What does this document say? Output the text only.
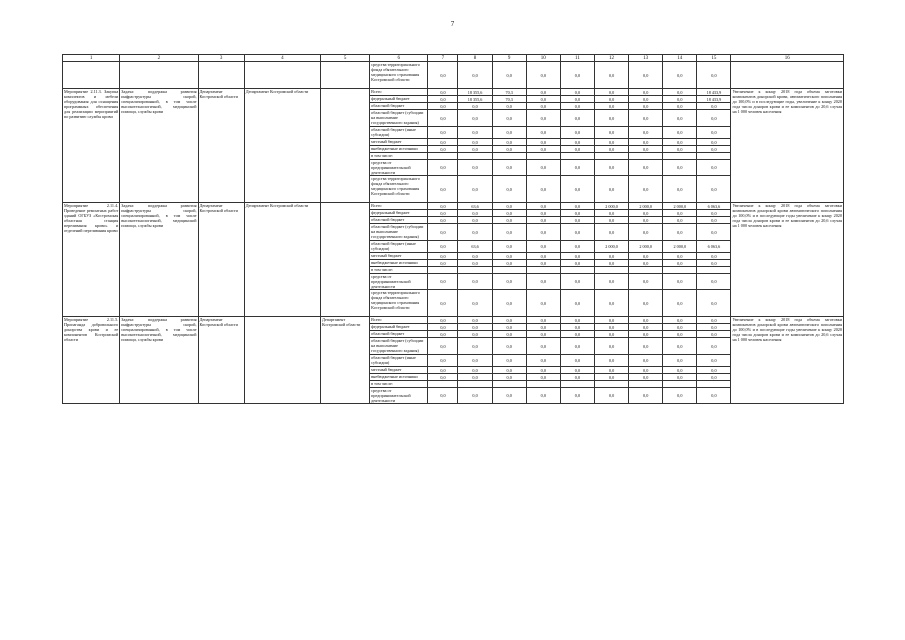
7
1	2	3	4	5	6	7	8	9	10	11	12	13	14	15	16
					средства территориального фонда обязательного медицинского страхования Костромской области	0,0	0,0	0,0	0,0	0,0	0,0	0,0	0,0	0,0	
Мероприятие 2.11.3. Закупка комплектов и мебели оборудования для оснащения программных обеспечения для реализации мероприятий по развитию службы крови	Задача: поддержка развития инфраструктуры скорой, специализированной, в том числе высокотехнологичной, медицинской помощи, службы крови	Департамент Костромской области	Департамент Костромской области		Всего	0,0	18 355,6	70,3	0,0	0,0	0,0	0,0	0,0	18 433,9	Увеличение к концу 2018 года объема заготовки компонентов донорской крови, автоматического пополнения до 100,0% и в последующие годы, увеличение к концу 2020 года числа доноров крови и ее компонентов до 20,6 случая на 1 000 человек населения
					федеральный бюджет	0,0	18 355,6	70,3	0,0	0,0	0,0	0,0	0,0	18 433,9	
					областной бюджет	0,0	0,0	0,0	0,0	0,0	0,0	0,0	0,0	0,0	
					областной бюджет (субсидии на выполнение государственного задания)	0,0	0,0	0,0	0,0	0,0	0,0	0,0	0,0	0,0	
					областной бюджет (иные субсидии)	0,0	0,0	0,0	0,0	0,0	0,0	0,0	0,0	0,0	
					местный бюджет	0,0	0,0	0,0	0,0	0,0	0,0	0,0	0,0	0,0	
					внебюджетные источники	0,0	0,0	0,0	0,0	0,0	0,0	0,0	0,0	0,0	
					в том числе:										
					средства от предпринимательской деятельности	0,0	0,0	0,0	0,0	0,0	0,0	0,0	0,0	0,0	
					средства территориального фонда обязательного медицинского страхования Костромской области	0,0	0,0	0,0	0,0	0,0	0,0	0,0	0,0	0,0	
Мероприятие 2.11.4. Проведение ремонтных работ зданий ОГБУЗ «Костромская областная станция переливания крови» и отделений переливания крови	Задача: поддержка развития инфраструктуры скорой, специализированной, в том числе высокотехнологичной, медицинской помощи, службы крови	Департамент Костромской области	Департамент Костромской области		Всего	0,0	63,6	0,0	0,0	0,0	2 000,0	2 000,0	2 000,0	6 063,6	Увеличение к концу 2018 года объема заготовки компонентов донорской крови автоматического пополнения до 100,0% и в последующие годы увеличение к концу 2020 года числа доноров крови и ее компонентов до 20,6 случая на 1 000 человек населения
					федеральный бюджет	0,0	0,0	0,0	0,0	0,0	0,0	0,0	0,0	0,0	
					областной бюджет	0,0	0,0	0,0	0,0	0,0	0,0	0,0	0,0	0,0	
					областной бюджет (субсидии на выполнение государственного задания)	0,0	0,0	0,0	0,0	0,0	0,0	0,0	0,0	0,0	
					областной бюджет (иные субсидии)	0,0	63,6	0,0	0,0	0,0	2 000,0	2 000,0	2 000,0	6 063,6	
					местный бюджет	0,0	0,0	0,0	0,0	0,0	0,0	0,0	0,0	0,0	
					внебюджетные источники	0,0	0,0	0,0	0,0	0,0	0,0	0,0	0,0	0,0	
					в том числе:										
					средства от предпринимательской деятельности	0,0	0,0	0,0	0,0	0,0	0,0	0,0	0,0	0,0	
					средства территориального фонда обязательного медицинского страхования Костромской области	0,0	0,0	0,0	0,0	0,0	0,0	0,0	0,0	0,0	
Мероприятие 2.11.5. Пропаганда добровольного донорства крови и ее компонентов Костромской области	Задача: поддержка развития инфраструктуры скорой, специализированной, в том числе высокотехнологичной, медицинской помощи, службы крови	Департамент Костромской области		Департамент Костромской области	Всего	0,0	0,0	0,0	0,0	0,0	0,0	0,0	0,0	0,0	Увеличение к концу 2018 года объема заготовки компонентов донорской крови автоматического пополнения до 100,0% и в последующие годы увеличение к концу 2020 года числа доноров крови и ее компонентов до 20,6 случая на 1 000 человек населения
					федеральный бюджет	0,0	0,0	0,0	0,0	0,0	0,0	0,0	0,0	0,0	
					областной бюджет	0,0	0,0	0,0	0,0	0,0	0,0	0,0	0,0	0,0	
					областной бюджет (субсидии на выполнение государственного задания)	0,0	0,0	0,0	0,0	0,0	0,0	0,0	0,0	0,0	
					областной бюджет (иные субсидии)	0,0	0,0	0,0	0,0	0,0	0,0	0,0	0,0	0,0	
					местный бюджет	0,0	0,0	0,0	0,0	0,0	0,0	0,0	0,0	0,0	
					внебюджетные источники	0,0	0,0	0,0	0,0	0,0	0,0	0,0	0,0	0,0	
					в том числе:										
					средства от предпринимательской деятельности	0,0	0,0	0,0	0,0	0,0	0,0	0,0	0,0	0,0	
